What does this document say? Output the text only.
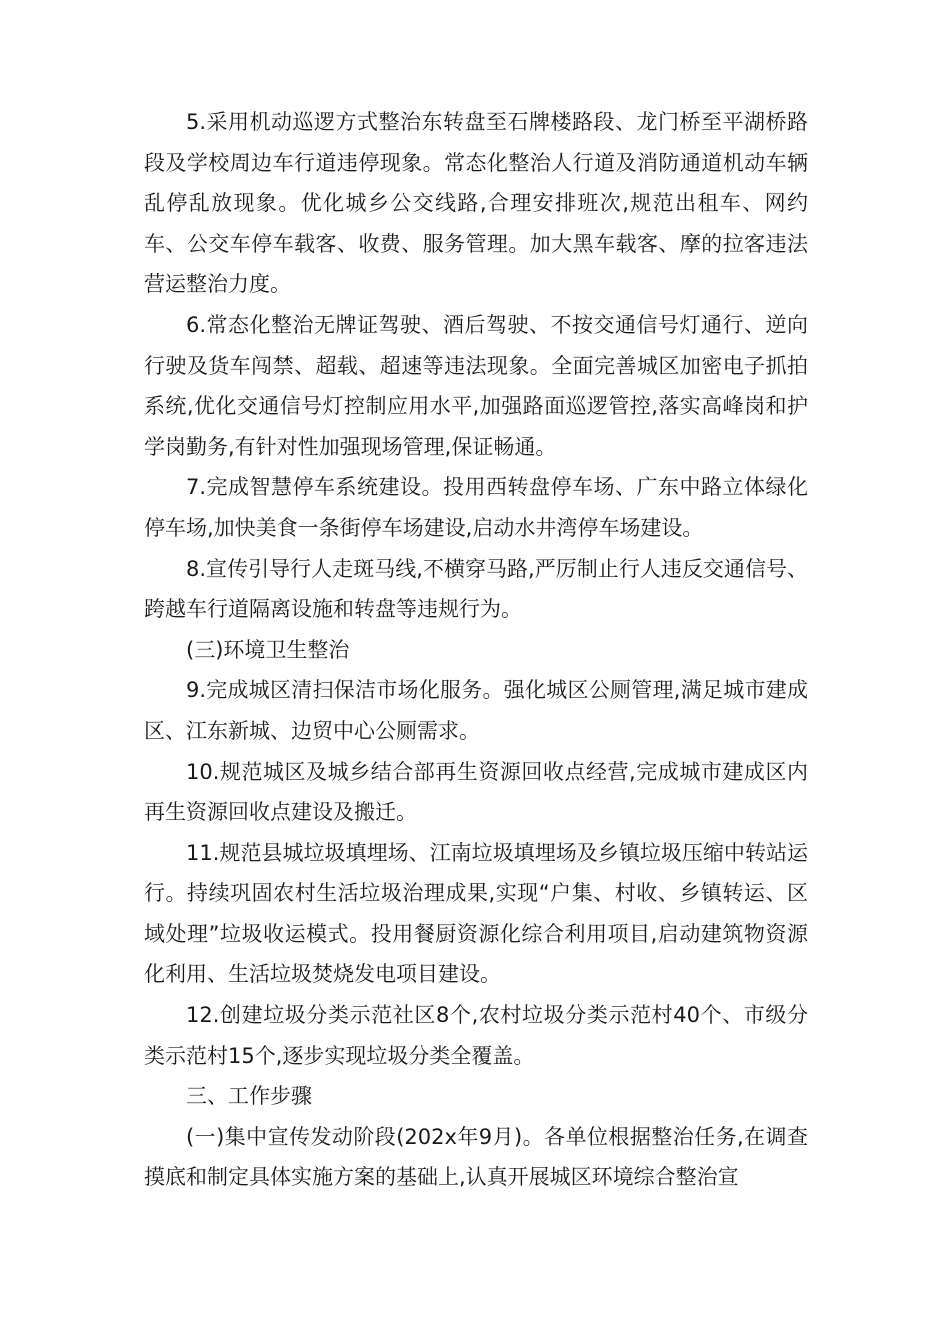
5.采用机动巡逻方式整治东转盘至石牌楼路段、龙门桥至平湖桥路段及学校周边车行道违停现象。常态化整治人行道及消防通道机动车辆乱停乱放现象。优化城乡公交线路,合理安排班次,规范出租车、网约车、公交车停车载客、收费、服务管理。加大黑车载客、摩的拉客违法营运整治力度。

6.常态化整治无牌证驾驶、酒后驾驶、不按交通信号灯通行、逆向行驶及货车闯禁、超载、超速等违法现象。全面完善城区加密电子抓拍系统,优化交通信号灯控制应用水平,加强路面巡逻管控,落实高峰岗和护学岗勤务,有针对性加强现场管理,保证畅通。

7.完成智慧停车系统建设。投用西转盘停车场、广东中路立体绿化停车场,加快美食一条街停车场建设,启动水井湾停车场建设。

8.宣传引导行人走斑马线,不横穿马路,严厉制止行人违反交通信号、跨越车行道隔离设施和转盘等违规行为。

(三)环境卫生整治

9.完成城区清扫保洁市场化服务。强化城区公厕管理,满足城市建成区、江东新城、边贸中心公厕需求。

10.规范城区及城乡结合部再生资源回收点经营,完成城市建成区内再生资源回收点建设及搬迁。

11.规范县城垃圾填埋场、江南垃圾填埋场及乡镇垃圾压缩中转站运行。持续巩固农村生活垃圾治理成果,实现“户集、村收、乡镇转运、区域处理”垃圾收运模式。投用餐厨资源化综合利用项目,启动建筑物资源化利用、生活垃圾焚烧发电项目建设。

12.创建垃圾分类示范社区8个,农村垃圾分类示范村40个、市级分类示范村15个,逐步实现垃圾分类全覆盖。

三、工作步骤

(一)集中宣传发动阶段(202x年9月)。各单位根据整治任务,在调查摸底和制定具体实施方案的基础上,认真开展城区环境综合整治宣
